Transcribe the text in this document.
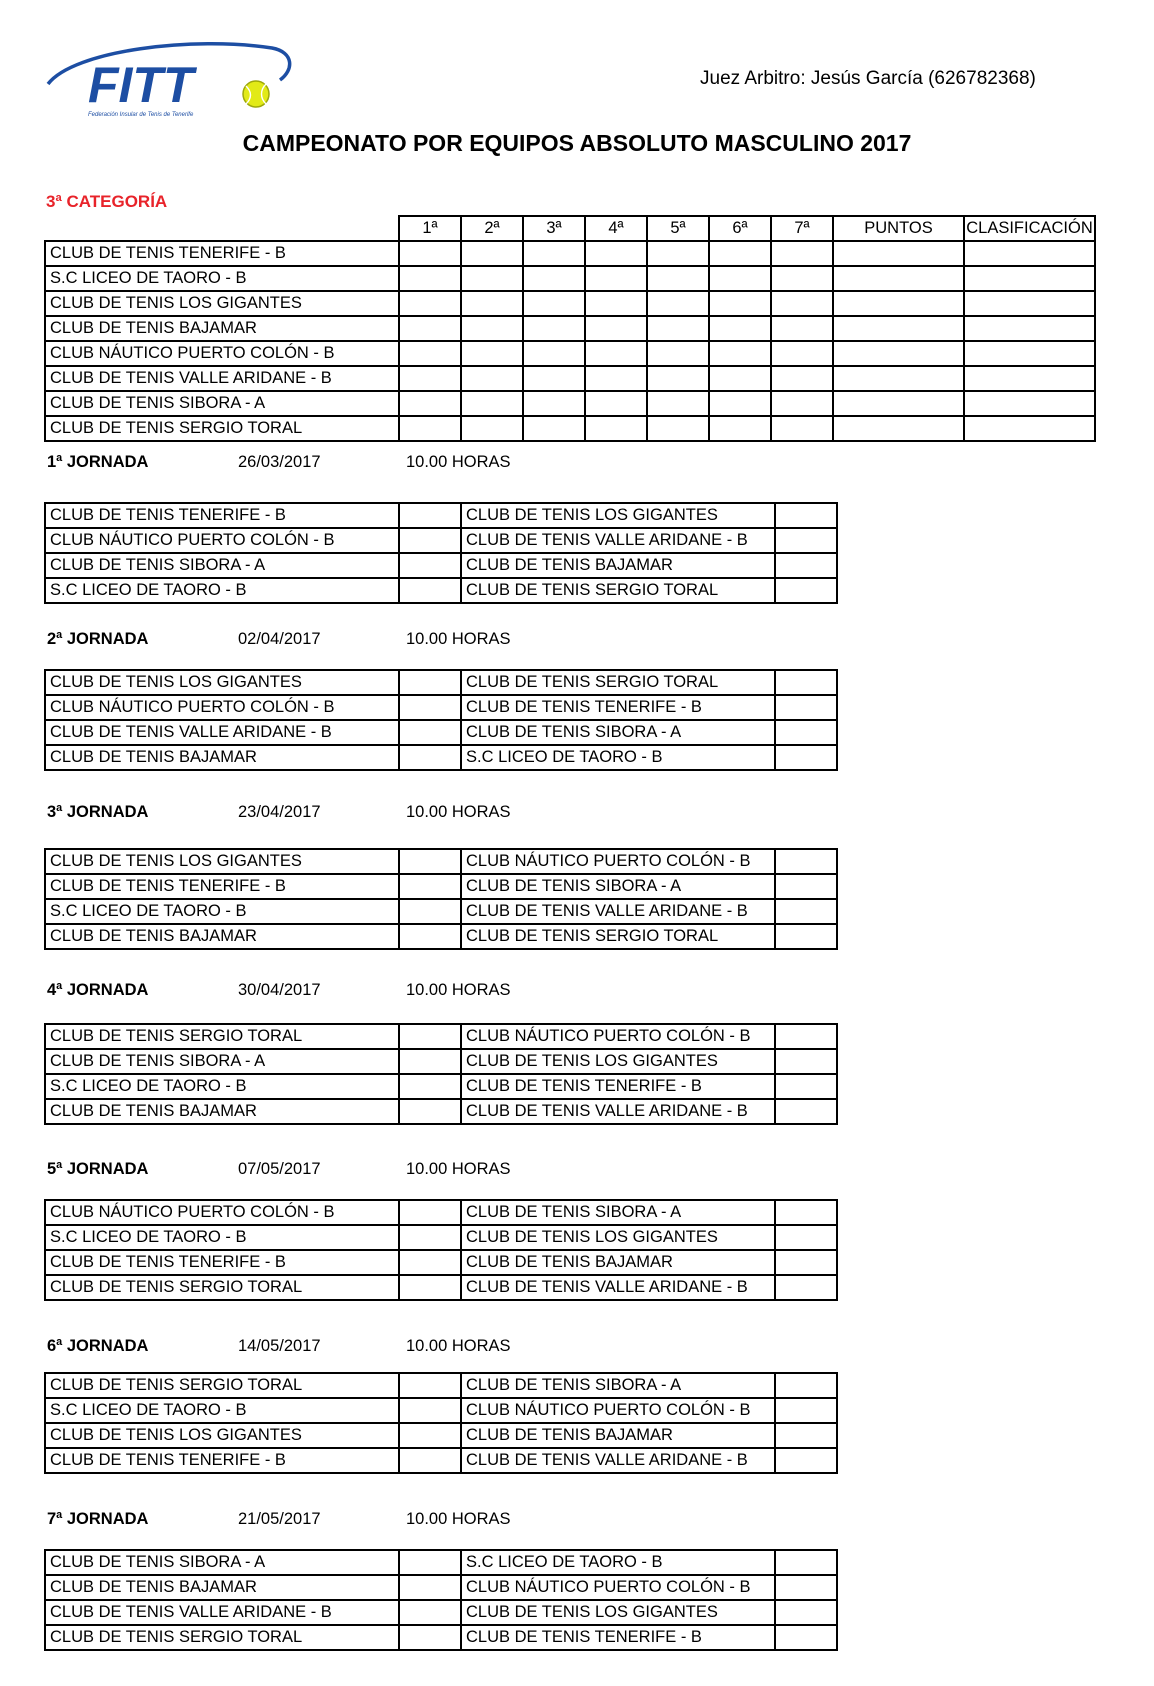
FITT
Federación Insular de Tenis de Tenerife
Juez Arbitro: Jesús García (626782368)
CAMPEONATO POR EQUIPOS ABSOLUTO MASCULINO 2017
3ª CATEGORÍA
	1ª	2ª	3ª	4ª	5ª	6ª	7ª	PUNTOS	CLASIFICACIÓN
CLUB DE TENIS TENERIFE - B									
S.C LICEO DE TAORO - B									
CLUB DE TENIS LOS GIGANTES									
CLUB DE TENIS BAJAMAR									
CLUB NÁUTICO PUERTO COLÓN - B									
CLUB DE TENIS VALLE ARIDANE - B									
CLUB DE TENIS SIBORA - A									
CLUB DE TENIS SERGIO TORAL									
1ª JORNADA	26/03/2017	10.00 HORAS
CLUB DE TENIS TENERIFE - B		CLUB DE TENIS LOS GIGANTES	
CLUB NÁUTICO PUERTO COLÓN - B		CLUB DE TENIS VALLE ARIDANE - B	
CLUB DE TENIS SIBORA - A		CLUB DE TENIS BAJAMAR	
S.C LICEO DE TAORO - B		CLUB DE TENIS SERGIO TORAL	
2ª JORNADA	02/04/2017	10.00 HORAS
CLUB DE TENIS LOS GIGANTES		CLUB DE TENIS SERGIO TORAL	
CLUB NÁUTICO PUERTO COLÓN - B		CLUB DE TENIS TENERIFE - B	
CLUB DE TENIS VALLE ARIDANE - B		CLUB DE TENIS SIBORA - A	
CLUB DE TENIS BAJAMAR		S.C LICEO DE TAORO - B	
3ª JORNADA	23/04/2017	10.00 HORAS
CLUB DE TENIS LOS GIGANTES		CLUB NÁUTICO PUERTO COLÓN - B	
CLUB DE TENIS TENERIFE - B		CLUB DE TENIS SIBORA - A	
S.C LICEO DE TAORO - B		CLUB DE TENIS VALLE ARIDANE - B	
CLUB DE TENIS BAJAMAR		CLUB DE TENIS SERGIO TORAL	
4ª JORNADA	30/04/2017	10.00 HORAS
CLUB DE TENIS SERGIO TORAL		CLUB NÁUTICO PUERTO COLÓN - B	
CLUB DE TENIS SIBORA - A		CLUB DE TENIS LOS GIGANTES	
S.C LICEO DE TAORO - B		CLUB DE TENIS TENERIFE - B	
CLUB DE TENIS BAJAMAR		CLUB DE TENIS VALLE ARIDANE - B	
5ª JORNADA	07/05/2017	10.00 HORAS
CLUB NÁUTICO PUERTO COLÓN - B		CLUB DE TENIS SIBORA - A	
S.C LICEO DE TAORO - B		CLUB DE TENIS LOS GIGANTES	
CLUB DE TENIS TENERIFE - B		CLUB DE TENIS BAJAMAR	
CLUB DE TENIS SERGIO TORAL		CLUB DE TENIS VALLE ARIDANE - B	
6ª JORNADA	14/05/2017	10.00 HORAS
CLUB DE TENIS SERGIO TORAL		CLUB DE TENIS SIBORA - A	
S.C LICEO DE TAORO - B		CLUB NÁUTICO PUERTO COLÓN - B	
CLUB DE TENIS LOS GIGANTES		CLUB DE TENIS BAJAMAR	
CLUB DE TENIS TENERIFE - B		CLUB DE TENIS VALLE ARIDANE - B	
7ª JORNADA	21/05/2017	10.00 HORAS
CLUB DE TENIS SIBORA - A		S.C LICEO DE TAORO - B	
CLUB DE TENIS BAJAMAR		CLUB NÁUTICO PUERTO COLÓN - B	
CLUB DE TENIS VALLE ARIDANE - B		CLUB DE TENIS LOS GIGANTES	
CLUB DE TENIS SERGIO TORAL		CLUB DE TENIS TENERIFE - B	
